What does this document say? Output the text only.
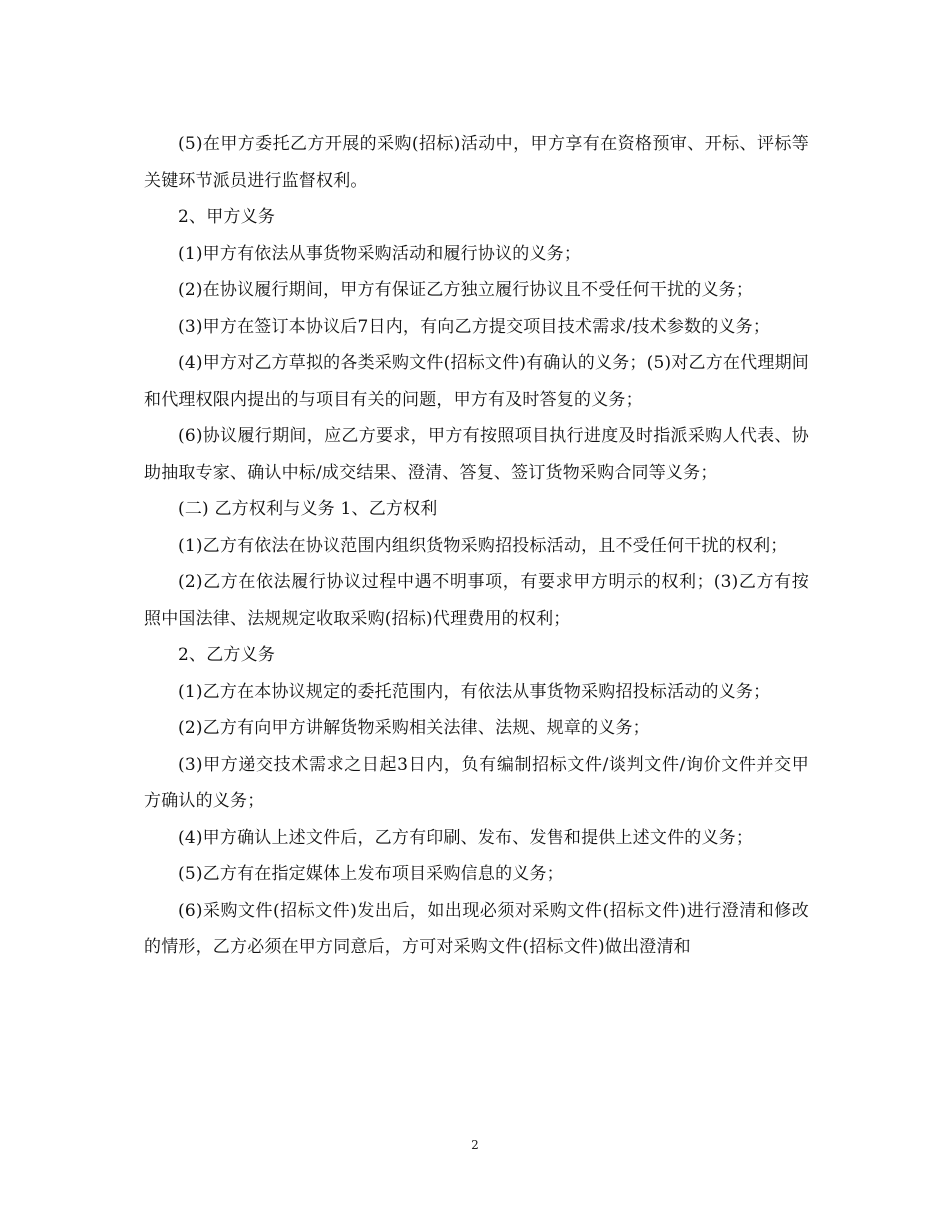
(5)在甲方委托乙方开展的采购(招标)活动中，甲方享有在资格预审、开标、评标等关键环节派员进行监督权利。

2、甲方义务

(1)甲方有依法从事货物采购活动和履行协议的义务；

(2)在协议履行期间，甲方有保证乙方独立履行协议且不受任何干扰的义务；

(3)甲方在签订本协议后7日内，有向乙方提交项目技术需求/技术参数的义务；

(4)甲方对乙方草拟的各类采购文件(招标文件)有确认的义务；(5)对乙方在代理期间和代理权限内提出的与项目有关的问题，甲方有及时答复的义务；

(6)协议履行期间，应乙方要求，甲方有按照项目执行进度及时指派采购人代表、协助抽取专家、确认中标/成交结果、澄清、答复、签订货物采购合同等义务；

(二) 乙方权利与义务 1、乙方权利

(1)乙方有依法在协议范围内组织货物采购招投标活动，且不受任何干扰的权利；

(2)乙方在依法履行协议过程中遇不明事项，有要求甲方明示的权利；(3)乙方有按照中国法律、法规规定收取采购(招标)代理费用的权利；

2、乙方义务

(1)乙方在本协议规定的委托范围内，有依法从事货物采购招投标活动的义务；

(2)乙方有向甲方讲解货物采购相关法律、法规、规章的义务；

(3)甲方递交技术需求之日起3日内，负有编制招标文件/谈判文件/询价文件并交甲方确认的义务；

(4)甲方确认上述文件后，乙方有印刷、发布、发售和提供上述文件的义务；

(5)乙方有在指定媒体上发布项目采购信息的义务；

(6)采购文件(招标文件)发出后，如出现必须对采购文件(招标文件)进行澄清和修改的情形，乙方必须在甲方同意后，方可对采购文件(招标文件)做出澄清和

2
